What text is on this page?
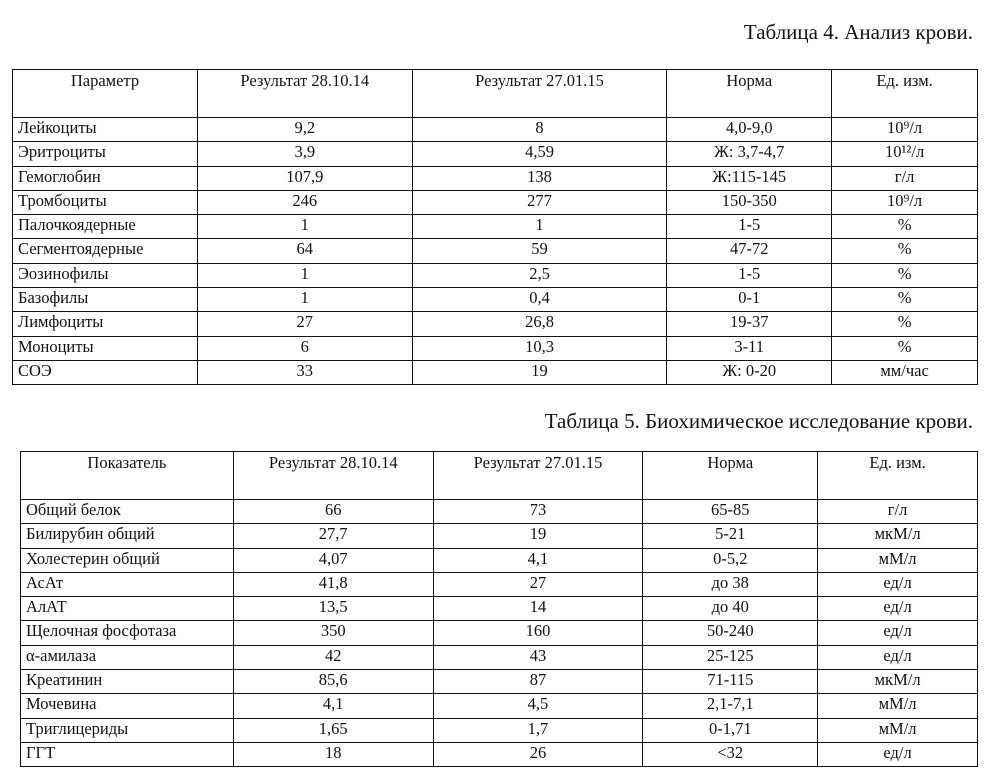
Таблица 4. Анализ крови.
Параметр	Результат 28.10.14	Результат 27.01.15	Норма	Ед. изм.
Лейкоциты	9,2	8	4,0-9,0	10⁹/л
Эритроциты	3,9	4,59	Ж: 3,7-4,7	10¹²/л
Гемоглобин	107,9	138	Ж:115-145	г/л
Тромбоциты	246	277	150-350	10⁹/л
Палочкоядерные	1	1	1-5	%
Сегментоядерные	64	59	47-72	%
Эозинофилы	1	2,5	1-5	%
Базофилы	1	0,4	0-1	%
Лимфоциты	27	26,8	19-37	%
Моноциты	6	10,3	3-11	%
СОЭ	33	19	Ж: 0-20	мм/час
Таблица 5. Биохимическое исследование крови.
Показатель	Результат 28.10.14	Результат 27.01.15	Норма	Ед. изм.
Общий белок	66	73	65-85	г/л
Билирубин общий	27,7	19	5-21	мкМ/л
Холестерин общий	4,07	4,1	0-5,2	мМ/л
АсАт	41,8	27	до 38	ед/л
АлАТ	13,5	14	до 40	ед/л
Щелочная фосфотаза	350	160	50-240	ед/л
α-амилаза	42	43	25-125	ед/л
Креатинин	85,6	87	71-115	мкМ/л
Мочевина	4,1	4,5	2,1-7,1	мМ/л
Триглицериды	1,65	1,7	0-1,71	мМ/л
ГГТ	18	26	<32	ед/л
